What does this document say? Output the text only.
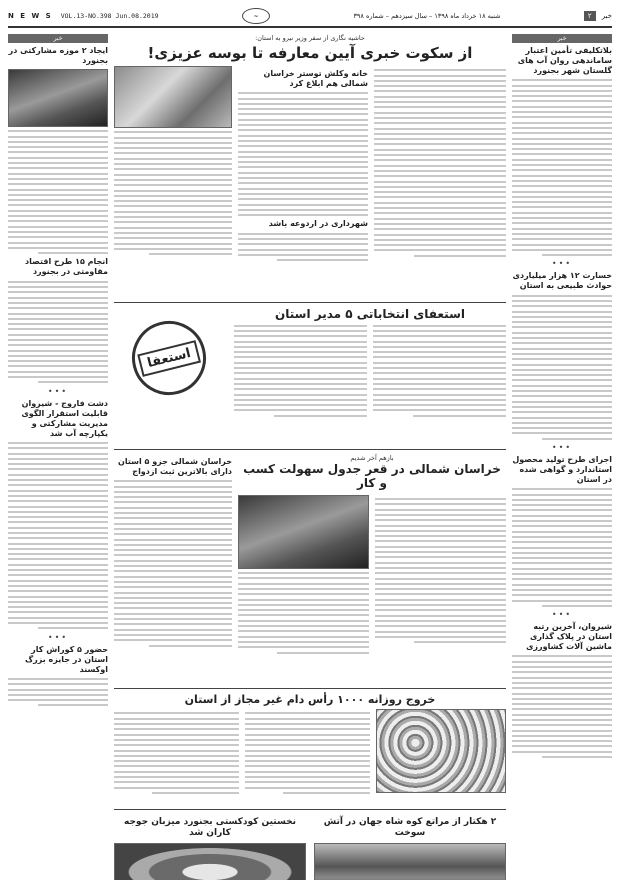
N E W S VOL.13-NO.398 Jun.08.2019	~	شنبه ۱۸ خرداد ماه ۱۳۹۸ – سال سیزدهم – شماره ۳۹۸	خبر
۲
خبر
ایجاد ۲ موزه مشارکتی در بجنورد
انجام ۱۵ طرح اقتصاد مقاومتی در بجنورد
•••
دشت فاروج - شیروان قابلیت استقرار الگوی مدیریت مشارکتی و یکپارچه آب شد
•••
حضور ۵ کوراش کار استان در جایزه بزرگ اوکسند
حاشیه نگاری از سفر وزیر نیرو به استان:
از سکوت خبری آیین معارفه تا بوسه عزیزی!
خانه وکلش توستر خراسان شمالی هم ابلاغ کرد
شهرداری در اردوعه باشد
استعفا
استعفای انتخاباتی ۵ مدیر استان
خراسان شمالی جزو ۵ استان دارای بالاترین ثبت ازدواج
بازهم آخر شدیم
خراسان شمالی در قعر جدول سهولت کسب و کار
خروج روزانه ۱۰۰۰ رأس دام غیر مجاز از استان
نخستین کودکستی بجنورد میزبان جوجه کاران شد
۲ هکتار از مراتع کوه شاه جهان در آتش سوخت
خبر
بلاتکلیفی تأمین اعتبار ساماندهی روان آب های گلستان شهر بجنورد
•••
خسارت ۱۲ هزار میلیاردی حوادث طبیعی به استان
•••
اجرای طرح تولید محصول استاندارد و گواهی شده در استان
•••
شیروان، آخرین رتبه استان در پلاک گذاری ماشین آلات کشاورزی
